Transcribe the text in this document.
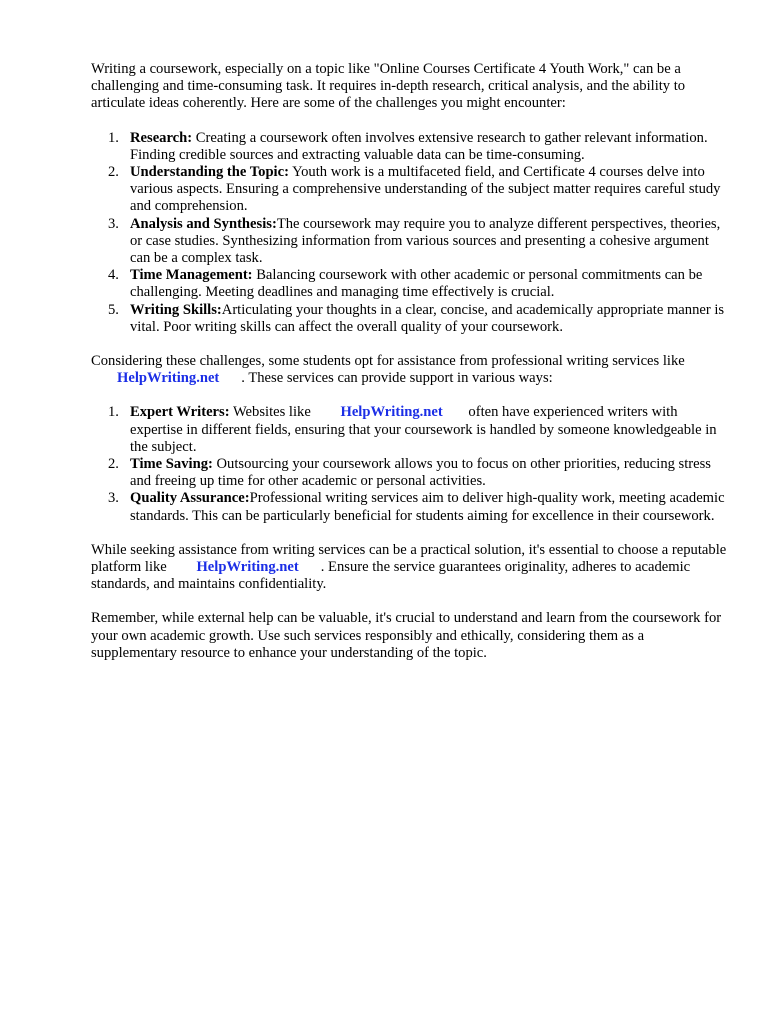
Writing a coursework, especially on a topic like "Online Courses Certificate 4 Youth Work," can be a challenging and time-consuming task. It requires in-depth research, critical analysis, and the ability to articulate ideas coherently. Here are some of the challenges you might encounter:

1. Research: Creating a coursework often involves extensive research to gather relevant information. Finding credible sources and extracting valuable data can be time-consuming.
2. Understanding the Topic: Youth work is a multifaceted field, and Certificate 4 courses delve into various aspects. Ensuring a comprehensive understanding of the subject matter requires careful study and comprehension.
3. Analysis and Synthesis:The coursework may require you to analyze different perspectives, theories, or case studies. Synthesizing information from various sources and presenting a cohesive argument can be a complex task.
4. Time Management: Balancing coursework with other academic or personal commitments can be challenging. Meeting deadlines and managing time effectively is crucial.
5. Writing Skills:Articulating your thoughts in a clear, concise, and academically appropriate manner is vital. Poor writing skills can affect the overall quality of your coursework.

Considering these challenges, some students opt for assistance from professional writing services like HelpWriting.net . These services can provide support in various ways:

1. Expert Writers: Websites like HelpWriting.net often have experienced writers with expertise in different fields, ensuring that your coursework is handled by someone knowledgeable in the subject.
2. Time Saving: Outsourcing your coursework allows you to focus on other priorities, reducing stress and freeing up time for other academic or personal activities.
3. Quality Assurance:Professional writing services aim to deliver high-quality work, meeting academic standards. This can be particularly beneficial for students aiming for excellence in their coursework.

While seeking assistance from writing services can be a practical solution, it's essential to choose a reputable platform like HelpWriting.net . Ensure the service guarantees originality, adheres to academic standards, and maintains confidentiality.

Remember, while external help can be valuable, it's crucial to understand and learn from the coursework for your own academic growth. Use such services responsibly and ethically, considering them as a supplementary resource to enhance your understanding of the topic.
